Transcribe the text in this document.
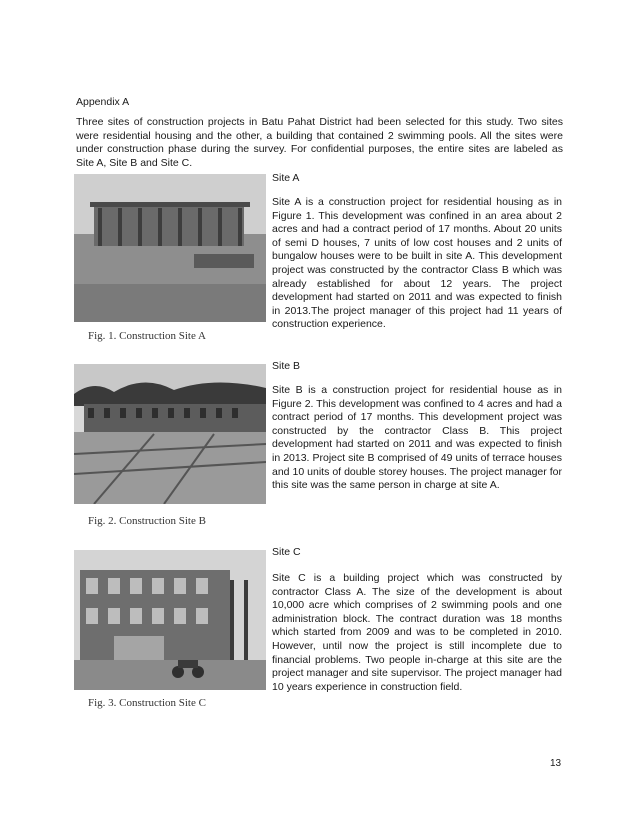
Appendix A

Three sites of construction projects in Batu Pahat District had been selected for this study. Two sites were residential housing and the other, a building that contained 2 swimming pools. All the sites were under construction phase during the survey. For confidential purposes, the entire sites are labeled as Site A, Site B and Site C.

Fig. 1. Construction Site A
Site A

Site A is a construction project for residential housing as in Figure 1. This development was confined in an area about 2 acres and had a contract period of 17 months. About 20 units of semi D houses, 7 units of low cost houses and 2 units of bungalow houses were to be built in site A. This development project was constructed by the contractor Class B which was already established for about 12 years. The project development had started on 2011 and was expected to finish in 2013.The project manager of this project had 11 years of construction experience.

Fig. 2. Construction Site B
Site B

Site B is a construction project for residential house as in Figure 2. This development was confined to 4 acres and had a contract period of 17 months. This development project was constructed by the contractor Class B. This project development had started on 2011 and was expected to finish in 2013. Project site B comprised of 49 units of terrace houses and 10 units of double storey houses. The project manager for this site was the same person in charge at site A.

Fig. 3. Construction Site C
Site C

Site C is a building project which was constructed by contractor Class A. The size of the development is about 10,000 acre which comprises of 2 swimming pools and one administration block. The contract duration was 18 months which started from 2009 and was to be completed in 2010. However, until now the project is still incomplete due to financial problems. Two people in-charge at this site are the project manager and site supervisor. The project manager had 10 years experience in construction field.

13
